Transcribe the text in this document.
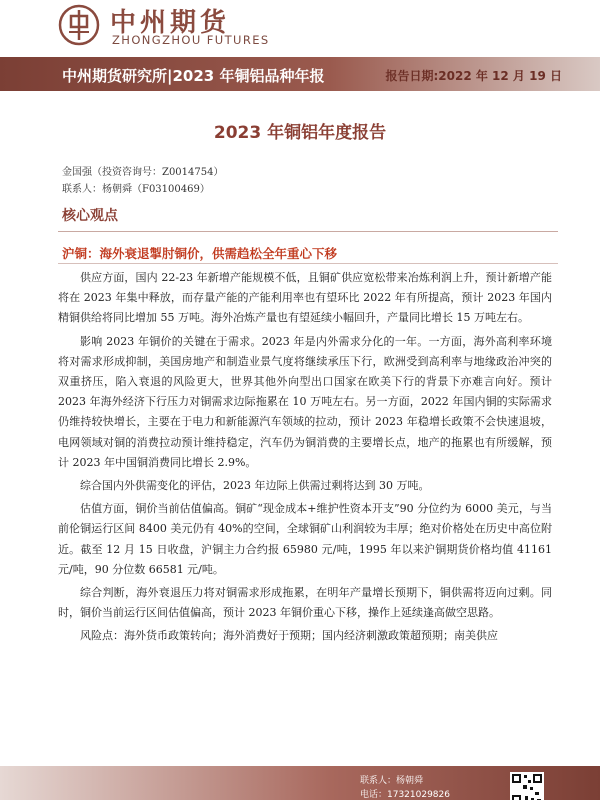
中州期货
ZHONGZHOU FUTURES
中州期货研究所|2023 年铜铝品种年报	报告日期:2022 年 12 月 19 日
2023 年铜铝年度报告
金国强（投资咨询号：Z0014754）
联系人：杨朝舜（F03100469）
核心观点
沪铜：海外衰退掣肘铜价，供需趋松全年重心下移

供应方面，国内 22-23 年新增产能规模不低，且铜矿供应宽松带来冶炼利润上升，预计新增产能将在 2023 年集中释放，而存量产能的产能利用率也有望环比 2022 年有所提高，预计 2023 年国内精铜供给将同比增加 55 万吨。海外冶炼产量也有望延续小幅回升，产量同比增长 15 万吨左右。

影响 2023 年铜价的关键在于需求。2023 年是内外需求分化的一年。一方面，海外高利率环境将对需求形成抑制，美国房地产和制造业景气度将继续承压下行，欧洲受到高利率与地缘政治冲突的双重挤压，陷入衰退的风险更大，世界其他外向型出口国家在欧美下行的背景下亦难言向好。预计 2023 年海外经济下行压力对铜需求边际拖累在 10 万吨左右。另一方面，2022 年国内铜的实际需求仍维持较快增长，主要在于电力和新能源汽车领域的拉动，预计 2023 年稳增长政策不会快速退坡，电网领域对铜的消费拉动预计维持稳定，汽车仍为铜消费的主要增长点，地产的拖累也有所缓解，预计 2023 年中国铜消费同比增长 2.9%。

综合国内外供需变化的评估，2023 年边际上供需过剩将达到 30 万吨。

估值方面，铜价当前估值偏高。铜矿“现金成本+维护性资本开支”90 分位约为 6000 美元，与当前伦铜运行区间 8400 美元仍有 40%的空间，全球铜矿山利润较为丰厚；绝对价格处在历史中高位附近。截至 12 月 15 日收盘，沪铜主力合约报 65980 元/吨，1995 年以来沪铜期货价格均值 41161 元/吨，90 分位数 66581 元/吨。

综合判断，海外衰退压力将对铜需求形成拖累，在明年产量增长预期下，铜供需将迈向过剩。同时，铜价当前运行区间估值偏高，预计 2023 年铜价重心下移，操作上延续逢高做空思路。

风险点：海外货币政策转向；海外消费好于预期；国内经济刺激政策超预期；南美供应

联系人：杨朝舜
电话：17321029826
